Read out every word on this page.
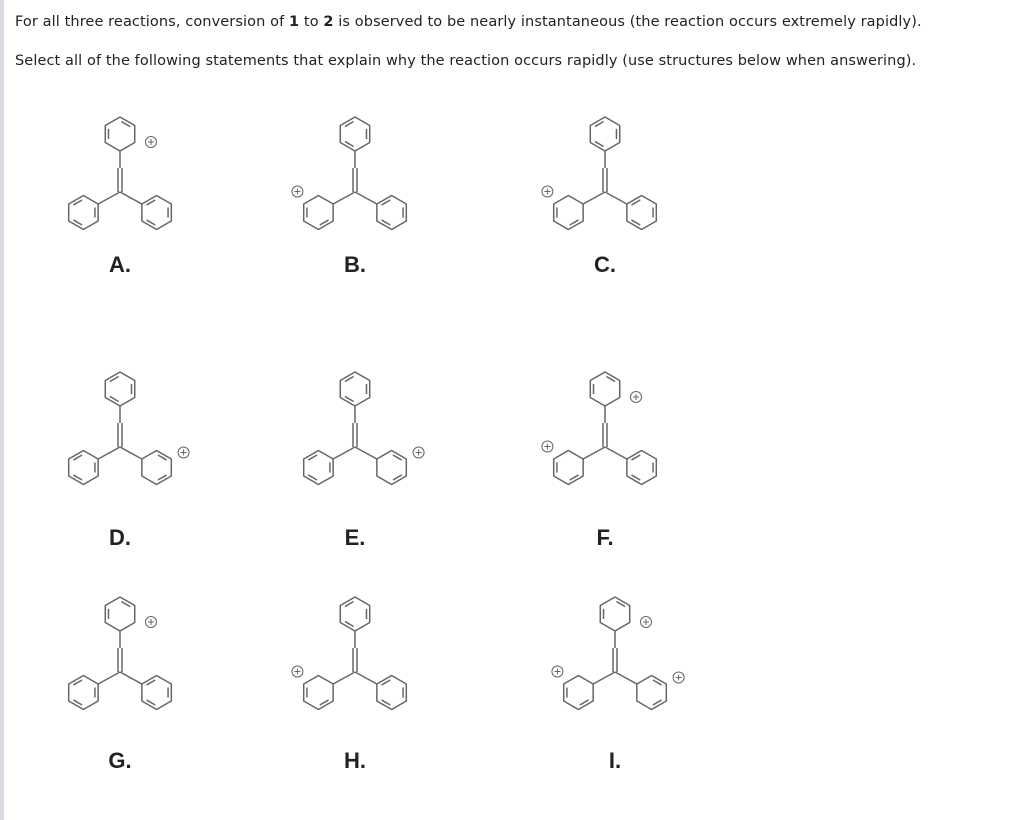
For all three reactions, conversion of 1 to 2 is observed to be nearly instantaneous (the reaction occurs extremely rapidly).
Select all of the following statements that explain why the reaction occurs rapidly (use structures below when answering).
A.	B.	C.
D.	E.	F.
G.	H.	I.
